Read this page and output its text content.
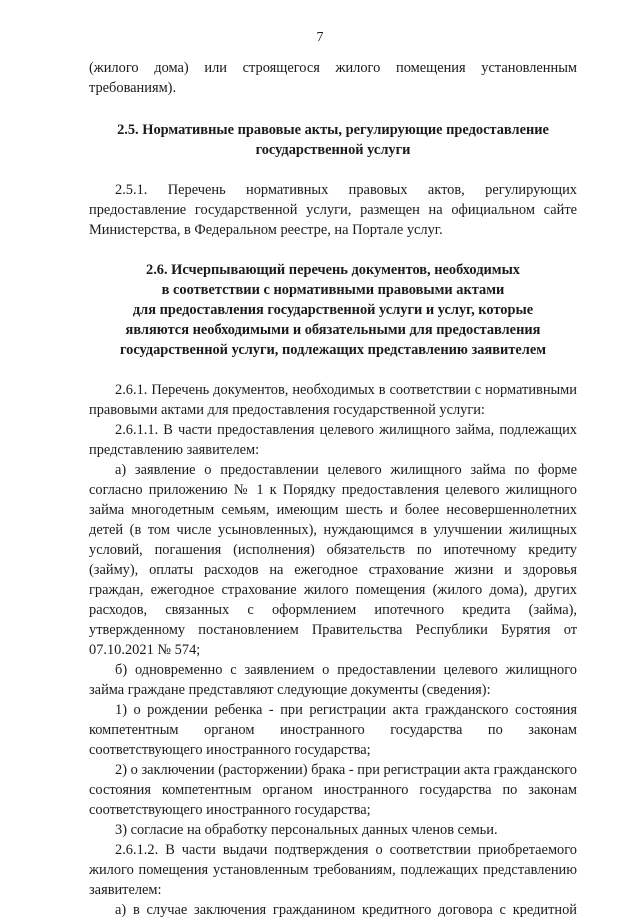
7

(жилого дома) или строящегося жилого помещения установленным требованиям).

2.5. Нормативные правовые акты, регулирующие предоставление государственной услуги

2.5.1. Перечень нормативных правовых актов, регулирующих предоставление государственной услуги, размещен на официальном сайте Министерства, в Федеральном реестре, на Портале услуг.

2.6. Исчерпывающий перечень документов, необходимых

в соответствии с нормативными правовыми актами

для предоставления государственной услуги и услуг, которые

являются необходимыми и обязательными для предоставления

государственной услуги, подлежащих представлению заявителем

2.6.1. Перечень документов, необходимых в соответствии с нормативными правовыми актами для предоставления государственной услуги:

2.6.1.1. В части предоставления целевого жилищного займа, подлежащих представлению заявителем:

а) заявление о предоставлении целевого жилищного займа по форме согласно приложению № 1 к Порядку предоставления целевого жилищного займа многодетным семьям, имеющим шесть и более несовершеннолетних детей (в том числе усыновленных), нуждающимся в улучшении жилищных условий, погашения (исполнения) обязательств по ипотечному кредиту (займу), оплаты расходов на ежегодное страхование жизни и здоровья граждан, ежегодное страхование жилого помещения (жилого дома), других расходов, связанных с оформлением ипотечного кредита (займа), утвержденному постановлением Правительства Республики Бурятия от 07.10.2021 № 574;

б) одновременно с заявлением о предоставлении целевого жилищного займа граждане представляют следующие документы (сведения):

1) о рождении ребенка - при регистрации акта гражданского состояния компетентным органом иностранного государства по законам соответствующего иностранного государства;

2) о заключении (расторжении) брака - при регистрации акта гражданского состояния компетентным органом иностранного государства по законам соответствующего иностранного государства;

3) согласие на обработку персональных данных членов семьи.

2.6.1.2. В части выдачи подтверждения о соответствии приобретаемого жилого помещения установленным требованиям, подлежащих представлению заявителем:

а) в случае заключения гражданином кредитного договора с кредитной
